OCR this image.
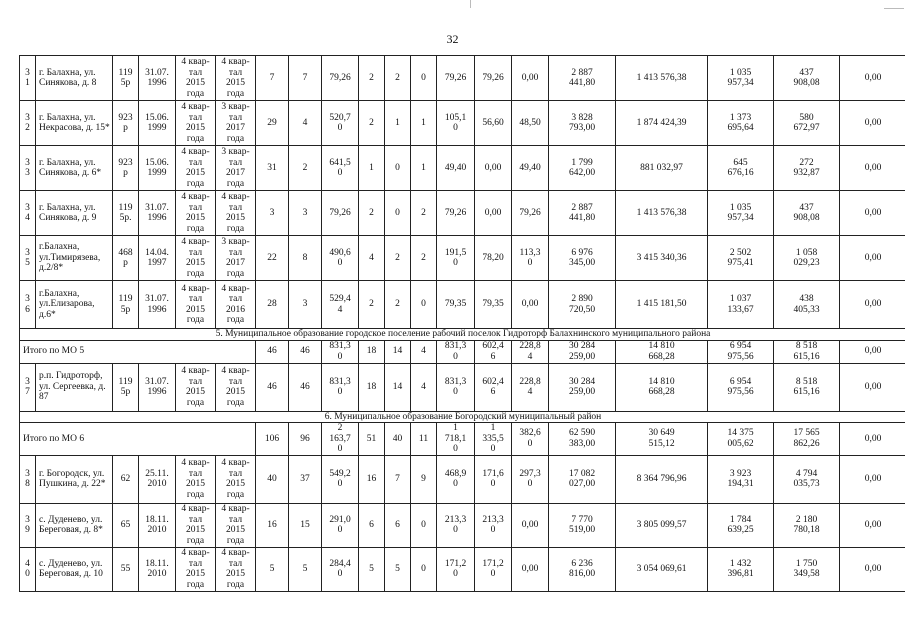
32
3
1	г. Балахна, ул. Синякова, д. 8	119
5р	31.07.
1996	4 квар-
тал
2015
года	4 квар-
тал
2015
года	7	7	79,26	2	2	0	79,26	79,26	0,00	2 887
441,80	1 413 576,38	1 035
957,34	437
908,08	0,00
3
2	г. Балахна, ул. Некрасова, д. 15*	923
р	15.06.
1999	4 квар-
тал
2015
года	3 квар-
тал
2017
года	29	4	520,7
0	2	1	1	105,1
0	56,60	48,50	3 828
793,00	1 874 424,39	1 373
695,64	580
672,97	0,00
3
3	г. Балахна, ул. Синякова, д. 6*	923
р	15.06.
1999	4 квар-
тал
2015
года	3 квар-
тал
2017
года	31	2	641,5
0	1	0	1	49,40	0,00	49,40	1 799
642,00	881 032,97	645
676,16	272
932,87	0,00
3
4	г. Балахна, ул. Синякова, д. 9	119
5р.	31.07.
1996	4 квар-
тал
2015
года	4 квар-
тал
2015
года	3	3	79,26	2	0	2	79,26	0,00	79,26	2 887
441,80	1 413 576,38	1 035
957,34	437
908,08	0,00
3
5	г.Балахна, ул.Тимирязева, д.2/8*	468
р	14.04.
1997	4 квар-
тал
2015
года	3 квар-
тал
2017
года	22	8	490,6
0	4	2	2	191,5
0	78,20	113,3
0	6 976
345,00	3 415 340,36	2 502
975,41	1 058
029,23	0,00
3
6	г.Балахна, ул.Елизарова, д.6*	119
5р	31.07.
1996	4 квар-
тал
2015
года	4 квар-
тал
2016
года	28	3	529,4
4	2	2	0	79,35	79,35	0,00	2 890
720,50	1 415 181,50	1 037
133,67	438
405,33	0,00
5. Муниципальное образование городское поселение рабочий поселок Гидроторф Балахнинского муниципального района																			
Итого по МО 5						46	46	831,3
0	18	14	4	831,3
0	602,4
6	228,8
4	30 284
259,00	14 810
668,28	6 954
975,56	8 518
615,16	0,00
3
7	р.п. Гидроторф, ул. Сергеевка, д. 87	119
5р	31.07.
1996	4 квар-
тал
2015
года	4 квар-
тал
2015
года	46	46	831,3
0	18	14	4	831,3
0	602,4
6	228,8
4	30 284
259,00	14 810
668,28	6 954
975,56	8 518
615,16	0,00
6. Муниципальное образование Богородский муниципальный район																			
Итого по МО 6						106	96	2
163,7
0	51	40	11	1
718,1
0	1
335,5
0	382,6
0	62 590
383,00	30 649
515,12	14 375
005,62	17 565
862,26	0,00
3
8	г. Богородск, ул. Пушкина, д. 22*	62	25.11.
2010	4 квар-
тал
2015
года	4 квар-
тал
2015
года	40	37	549,2
0	16	7	9	468,9
0	171,6
0	297,3
0	17 082
027,00	8 364 796,96	3 923
194,31	4 794
035,73	0,00
3
9	с. Дуденево, ул. Береговая, д. 8*	65	18.11.
2010	4 квар-
тал
2015
года	4 квар-
тал
2015
года	16	15	291,0
0	6	6	0	213,3
0	213,3
0	0,00	7 770
519,00	3 805 099,57	1 784
639,25	2 180
780,18	0,00
4
0	с. Дуденево, ул. Береговая, д. 10	55	18.11.
2010	4 квар-
тал
2015
года	4 квар-
тал
2015
года	5	5	284,4
0	5	5	0	171,2
0	171,2
0	0,00	6 236
816,00	3 054 069,61	1 432
396,81	1 750
349,58	0,00
